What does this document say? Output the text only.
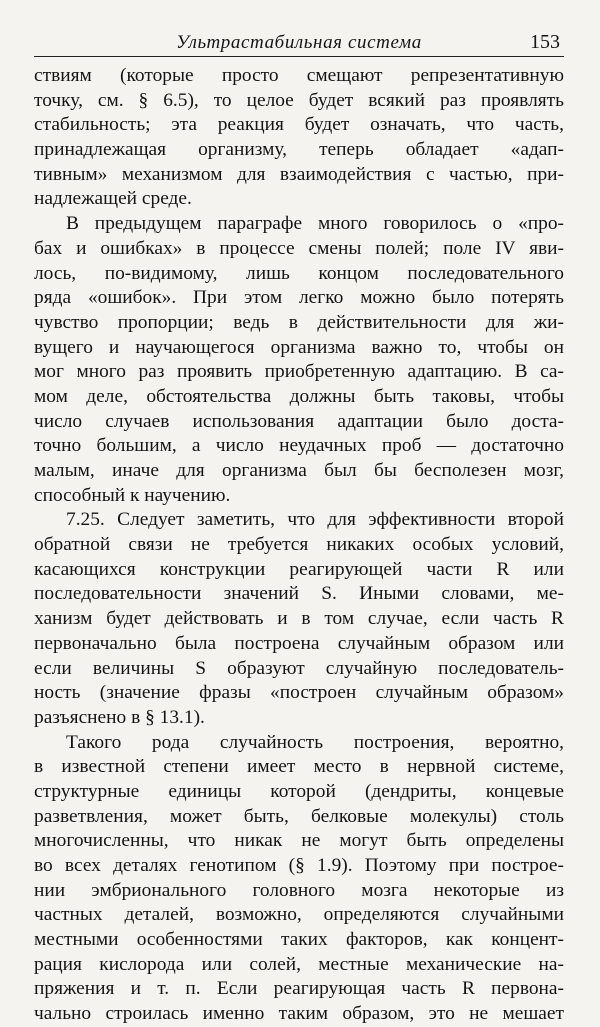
Ультрастабильная система	153
ствиям (которые просто смещают репрезентативную
точку, см. § 6.5), то целое будет всякий раз проявлять
стабильность; эта реакция будет означать, что часть,
принадлежащая организму, теперь обладает «адап-
тивным» механизмом для взаимодействия с частью, при-
надлежащей среде.
В предыдущем параграфе много говорилось о «про-
бах и ошибках» в процессе смены полей; поле IV яви-
лось, по-видимому, лишь концом последовательного
ряда «ошибок». При этом легко можно было потерять
чувство пропорции; ведь в действительности для жи-
вущего и научающегося организма важно то, чтобы он
мог много раз проявить приобретенную адаптацию. В са-
мом деле, обстоятельства должны быть таковы, чтобы
число случаев использования адаптации было доста-
точно большим, а число неудачных проб — достаточно
малым, иначе для организма был бы бесполезен мозг,
способный к научению.
7.25. Следует заметить, что для эффективности второй
обратной связи не требуется никаких особых условий,
касающихся конструкции реагирующей части R или
последовательности значений S. Иными словами, ме-
ханизм будет действовать и в том случае, если часть R
первоначально была построена случайным образом или
если величины S образуют случайную последователь-
ность (значение фразы «построен случайным образом»
разъяснено в § 13.1).
Такого рода случайность построения, вероятно,
в известной степени имеет место в нервной системе,
структурные единицы которой (дендриты, концевые
разветвления, может быть, белковые молекулы) столь
многочисленны, что никак не могут быть определены
во всех деталях генотипом (§ 1.9). Поэтому при построе-
нии эмбрионального головного мозга некоторые из
частных деталей, возможно, определяются случайными
местными особенностями таких факторов, как концент-
рация кислорода или солей, местные механические на-
пряжения и т. п. Если реагирующая часть R первона-
чально строилась именно таким образом, это не мешает
